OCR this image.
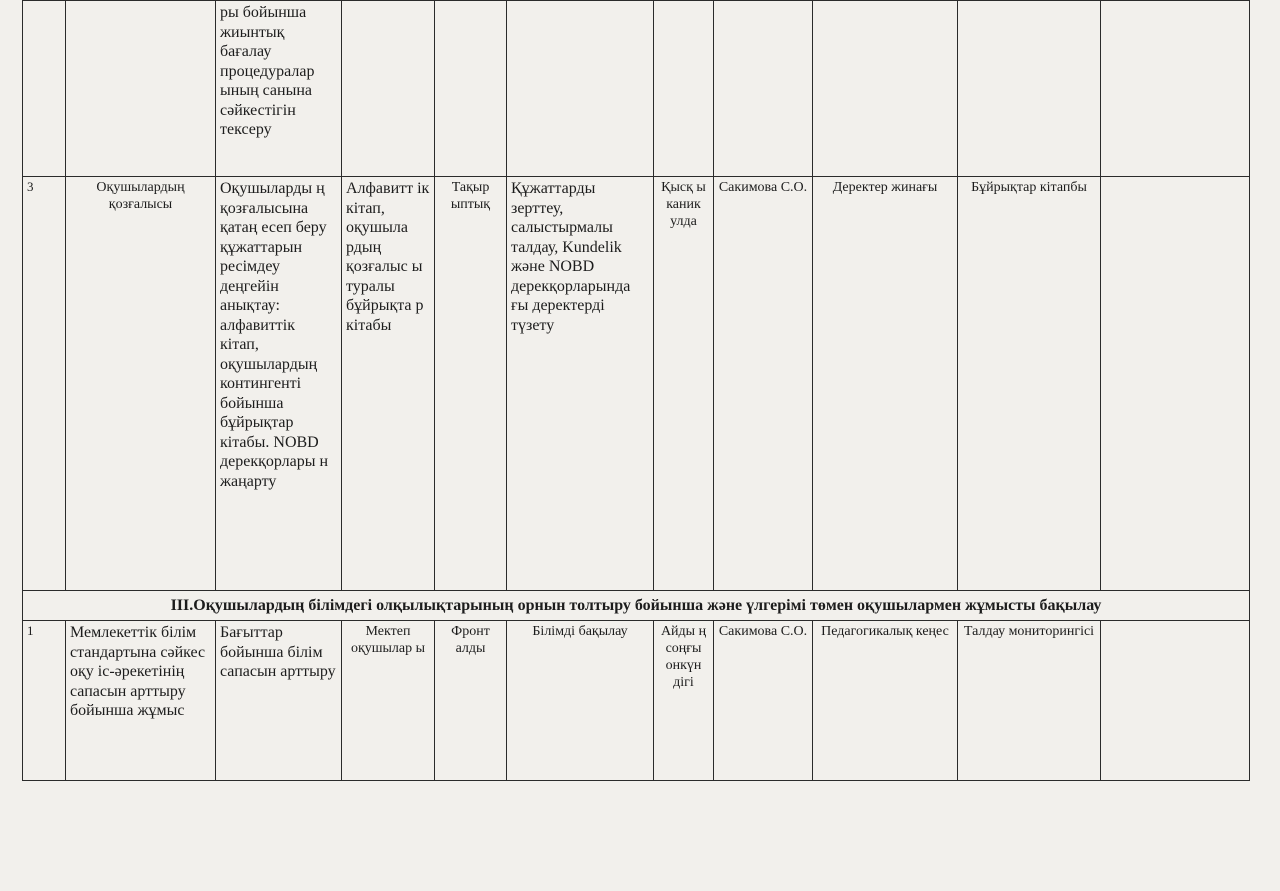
		ры бойынша жиынтық бағалау процедуралар ының санына сәйкестігін тексеру								
3	Оқушылардың қозғалысы	Оқушыларды ң қозғалысына қатаң есеп беру құжаттарын ресімдеу деңгейін анықтау: алфавиттік кітап, оқушылардың контингенті бойынша бұйрықтар кітабы. NOBD дерекқорлары н жаңарту	Алфавитт ік кітап, оқушыла рдың қозғалыс ы туралы бұйрықта р кітабы	Тақыр ыптық	Құжаттарды зерттеу, салыстырмалы талдау, Kundelik және NOBD дерекқорларында ғы деректерді түзету	Қысқ ы каник улда	Сакимова С.О.	Деректер жинағы	Бұйрықтар кітапбы	
ІІІ.Оқушылардың білімдегі олқылықтарының орнын толтыру бойынша және үлгерімі төмен оқушылармен жұмысты бақылау										
1	Мемлекеттік білім стандартына сәйкес оқу іс-әрекетінің сапасын арттыру бойынша жұмыс	Бағыттар бойынша білім сапасын арттыру	Мектеп оқушылар ы	Фронт алды	Білімді бақылау	Айды ң соңғы онкүн дігі	Сакимова С.О.	Педагогикалық кеңес	Талдау мониторингісі	
